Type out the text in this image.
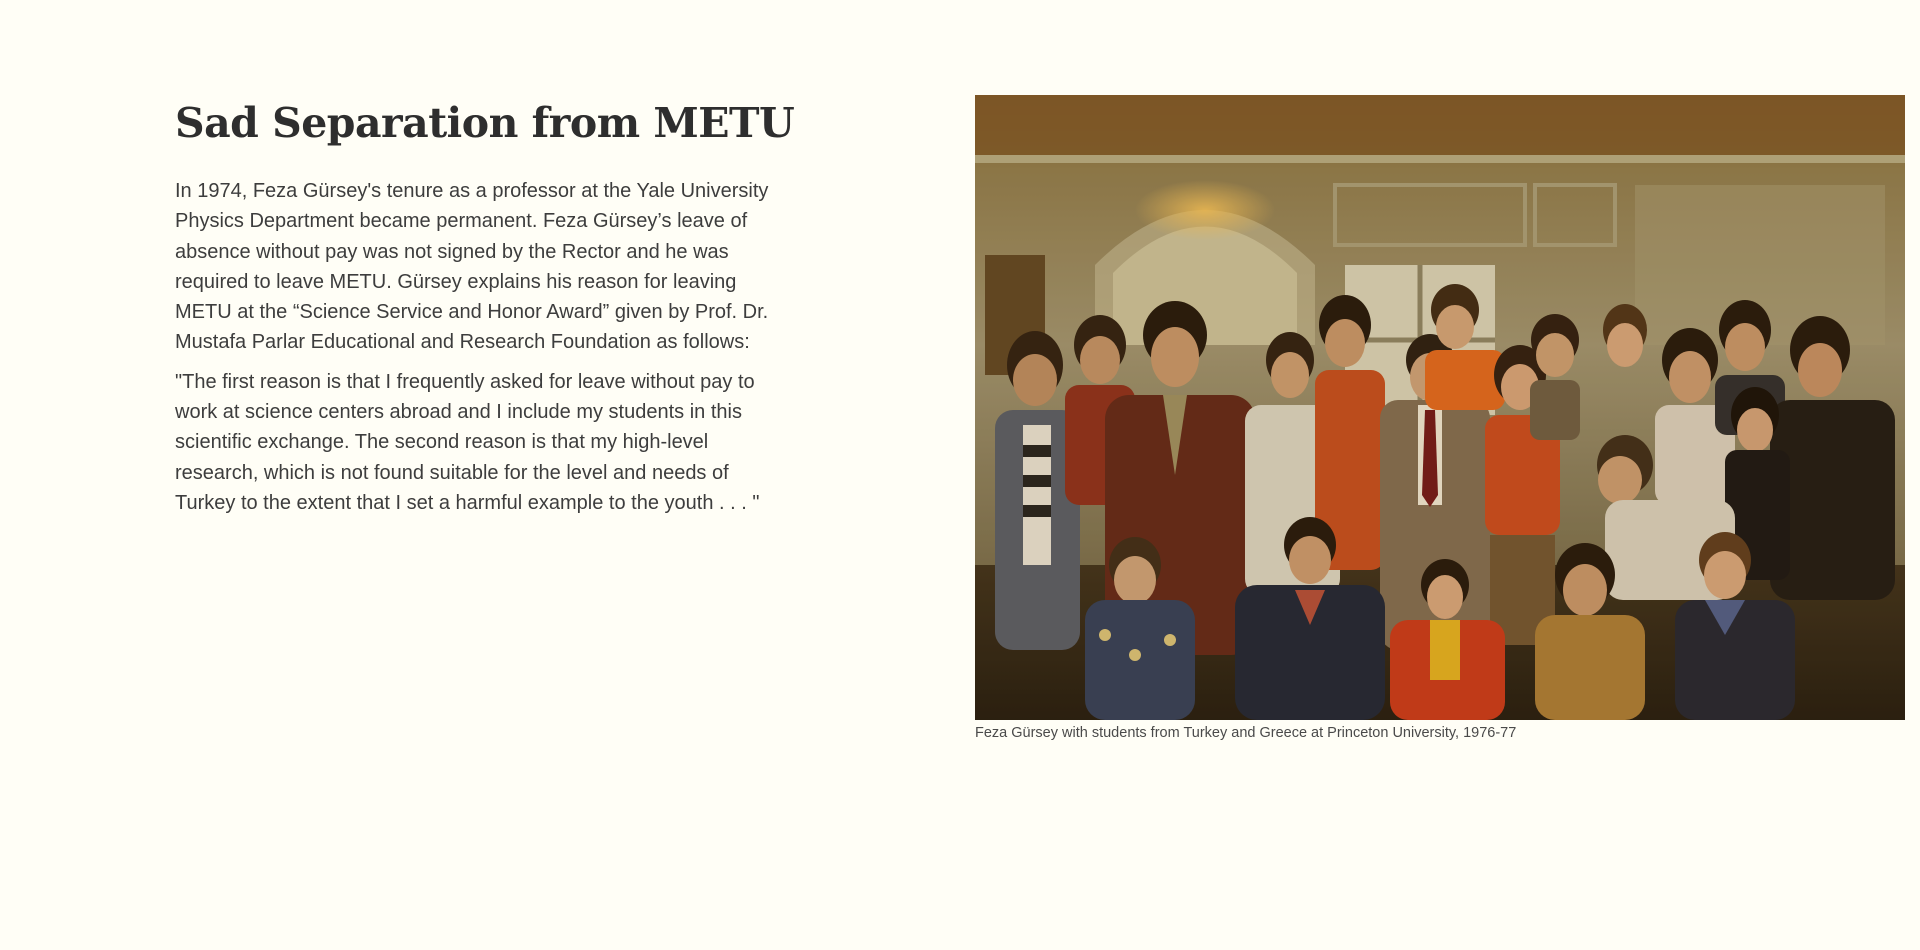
Sad Separation from METU

In 1974, Feza Gürsey's tenure as a professor at the Yale University Physics Department became permanent. Feza Gürsey’s leave of absence without pay was not signed by the Rector and he was required to leave METU. Gürsey explains his reason for leaving METU at the “Science Service and Honor Award” given by Prof. Dr. Mustafa Parlar Educational and Research Foundation as follows:

"The first reason is that I frequently asked for leave without pay to work at science centers abroad and I include my students in this scientific exchange. The second reason is that my high-level research, which is not found suitable for the level and needs of Turkey to the extent that I set a harmful example to the youth . . . "

Feza Gürsey with students from Turkey and Greece at Princeton University, 1976-77
